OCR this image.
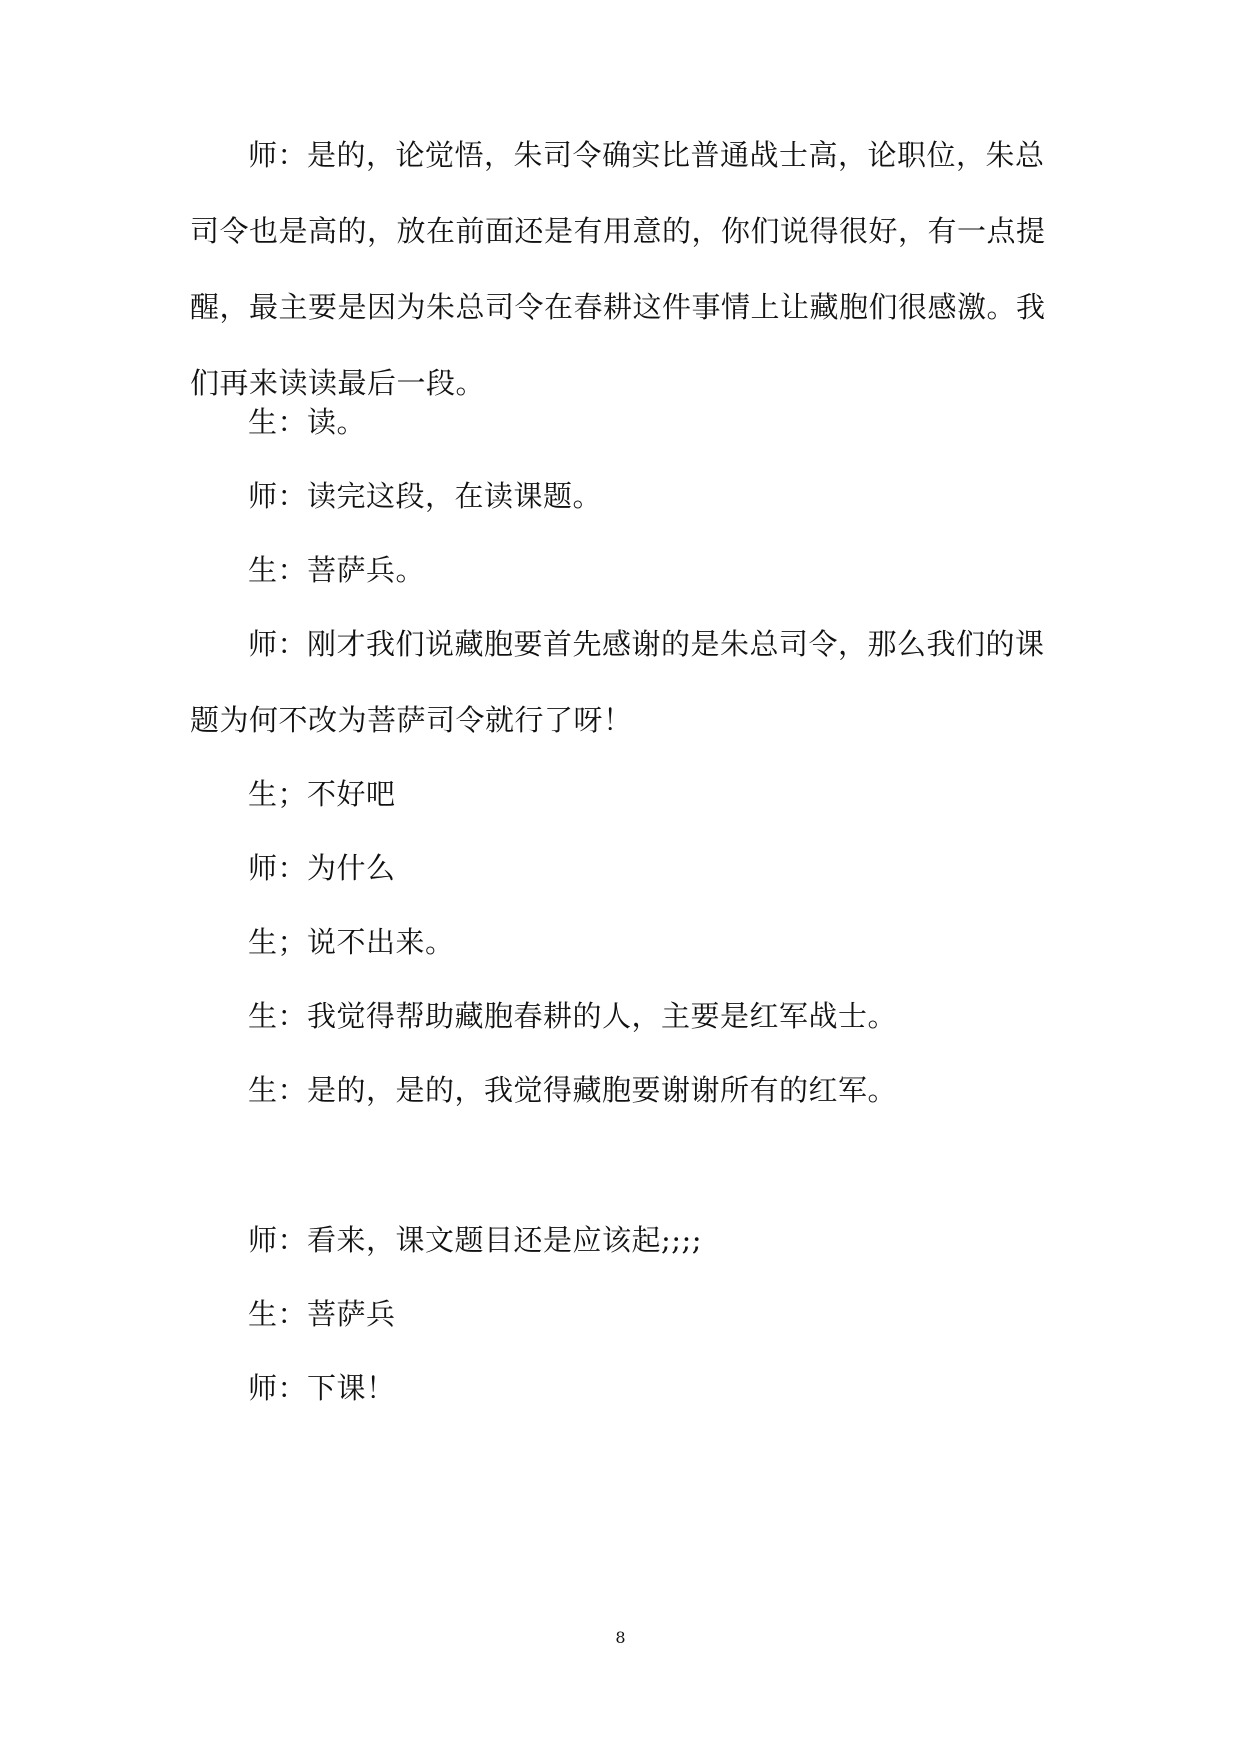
师：是的，论觉悟，朱司令确实比普通战士高，论职位，朱总司令也是高的，放在前面还是有用意的，你们说得很好，有一点提醒，最主要是因为朱总司令在春耕这件事情上让藏胞们很感激。我们再来读读最后一段。

生：读。

师：读完这段，在读课题。

生：菩萨兵。

师：刚才我们说藏胞要首先感谢的是朱总司令，那么我们的课题为何不改为菩萨司令就行了呀！

生；不好吧

师：为什么

生；说不出来。

生：我觉得帮助藏胞春耕的人，主要是红军战士。

生：是的，是的，我觉得藏胞要谢谢所有的红军。

师：看来，课文题目还是应该起;;;;

生：菩萨兵

师：下课！

8
